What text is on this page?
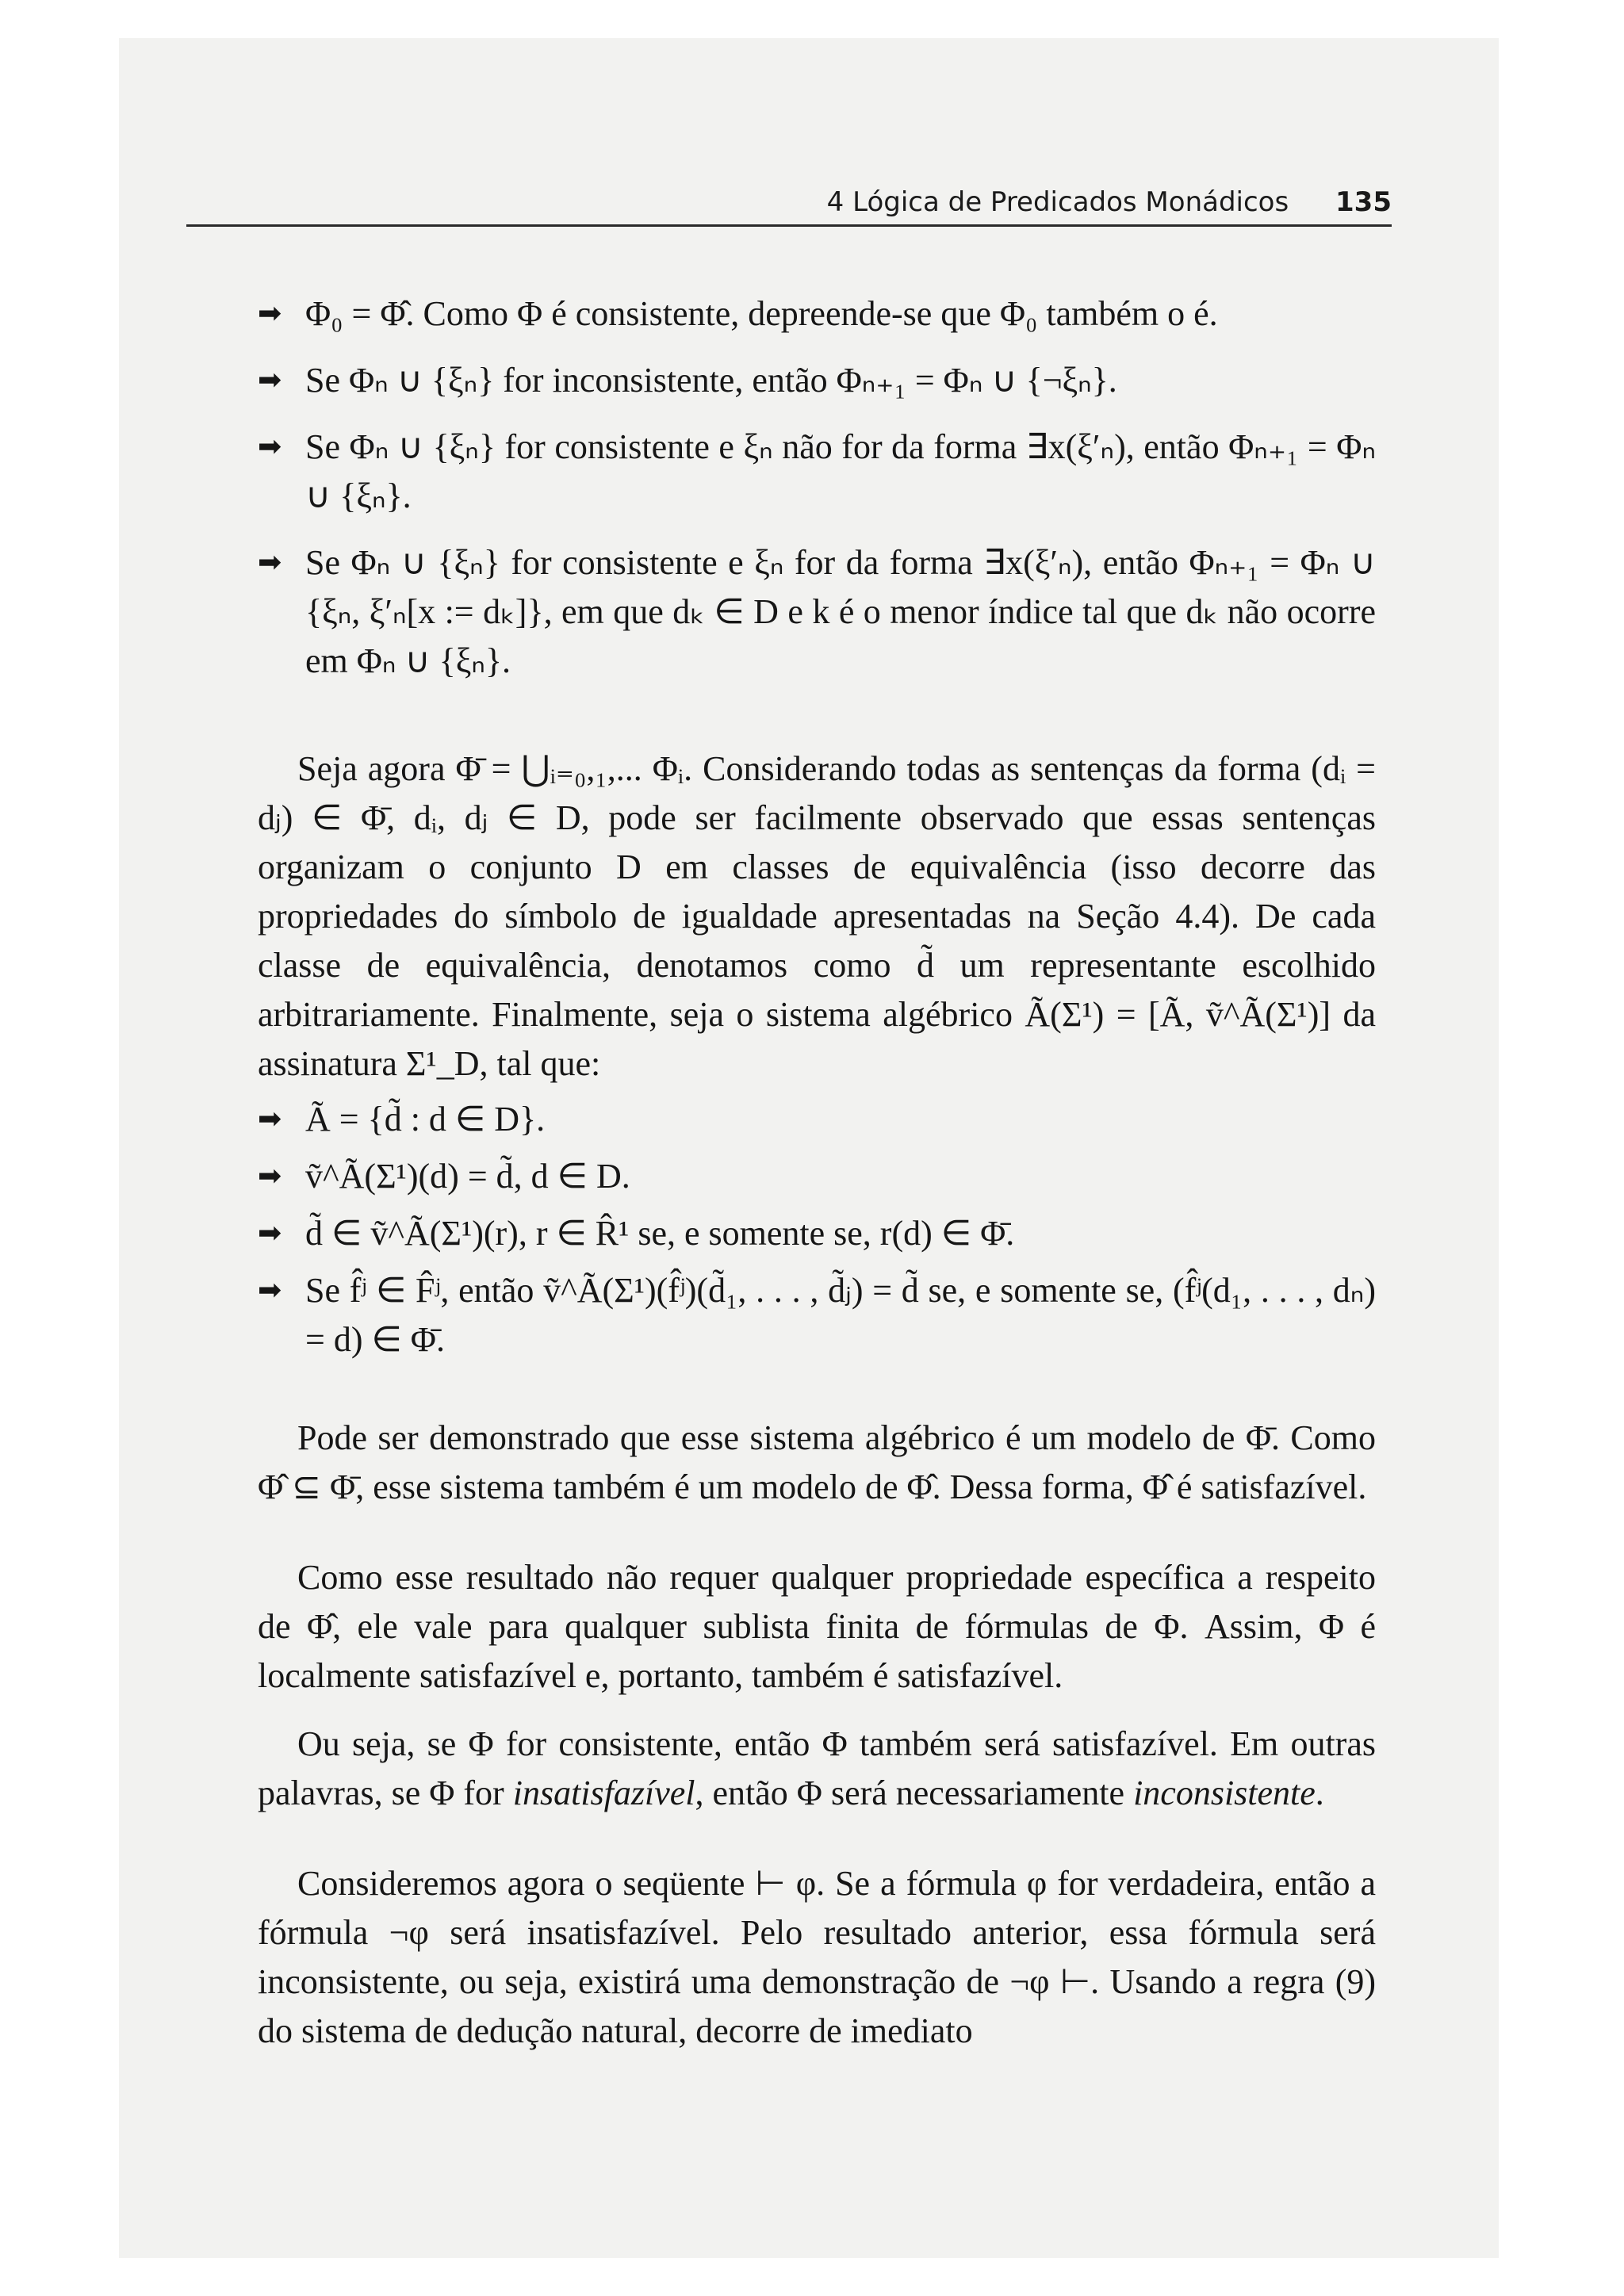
4 Lógica de Predicados Monádicos 135
➡ Φ₀ = Φ̂. Como Φ é consistente, depreende-se que Φ₀ também o é.
➡ Se Φₙ ∪ {ξₙ} for inconsistente, então Φₙ₊₁ = Φₙ ∪ {¬ξₙ}.
➡ Se Φₙ ∪ {ξₙ} for consistente e ξₙ não for da forma ∃x(ξ′ₙ), então Φₙ₊₁ = Φₙ ∪ {ξₙ}.
➡ Se Φₙ ∪ {ξₙ} for consistente e ξₙ for da forma ∃x(ξ′ₙ), então Φₙ₊₁ = Φₙ ∪ {ξₙ, ξ′ₙ[x := dₖ]}, em que dₖ ∈ D e k é o menor índice tal que dₖ não ocorre em Φₙ ∪ {ξₙ}.

Seja agora Φ̄ = ⋃ᵢ₌₀,₁,... Φᵢ. Considerando todas as sentenças da forma (dᵢ = dⱼ) ∈ Φ̄, dᵢ, dⱼ ∈ D, pode ser facilmente observado que essas sentenças organizam o conjunto D em classes de equivalência (isso decorre das propriedades do símbolo de igualdade apresentadas na Seção 4.4). De cada classe de equivalência, denotamos como d̃ um representante escolhido arbitrariamente. Finalmente, seja o sistema algébrico Ã(Σ¹) = [Ã, ṽ^Ã(Σ¹)] da assinatura Σ¹_D, tal que:

➡ Ã = {d̃ : d ∈ D}.
➡ ṽ^Ã(Σ¹)(d) = d̃, d ∈ D.
➡ d̃ ∈ ṽ^Ã(Σ¹)(r), r ∈ R̂¹ se, e somente se, r(d) ∈ Φ̄.
➡ Se f̂ʲ ∈ F̂ʲ, então ṽ^Ã(Σ¹)(f̂ʲ)(d̃₁, . . . , d̃ⱼ) = d̃ se, e somente se, (f̂ʲ(d₁, . . . , dₙ) = d) ∈ Φ̄.

Pode ser demonstrado que esse sistema algébrico é um modelo de Φ̄. Como Φ̂ ⊆ Φ̄, esse sistema também é um modelo de Φ̂. Dessa forma, Φ̂ é satisfazível.

Como esse resultado não requer qualquer propriedade específica a respeito de Φ̂, ele vale para qualquer sublista finita de fórmulas de Φ. Assim, Φ é localmente satisfazível e, portanto, também é satisfazível.

Ou seja, se Φ for consistente, então Φ também será satisfazível. Em outras palavras, se Φ for insatisfazível, então Φ será necessariamente inconsistente.

Consideremos agora o seqüente ⊢ φ. Se a fórmula φ for verdadeira, então a fórmula ¬φ será insatisfazível. Pelo resultado anterior, essa fórmula será inconsistente, ou seja, existirá uma demonstração de ¬φ ⊢. Usando a regra (9) do sistema de dedução natural, decorre de imediato
